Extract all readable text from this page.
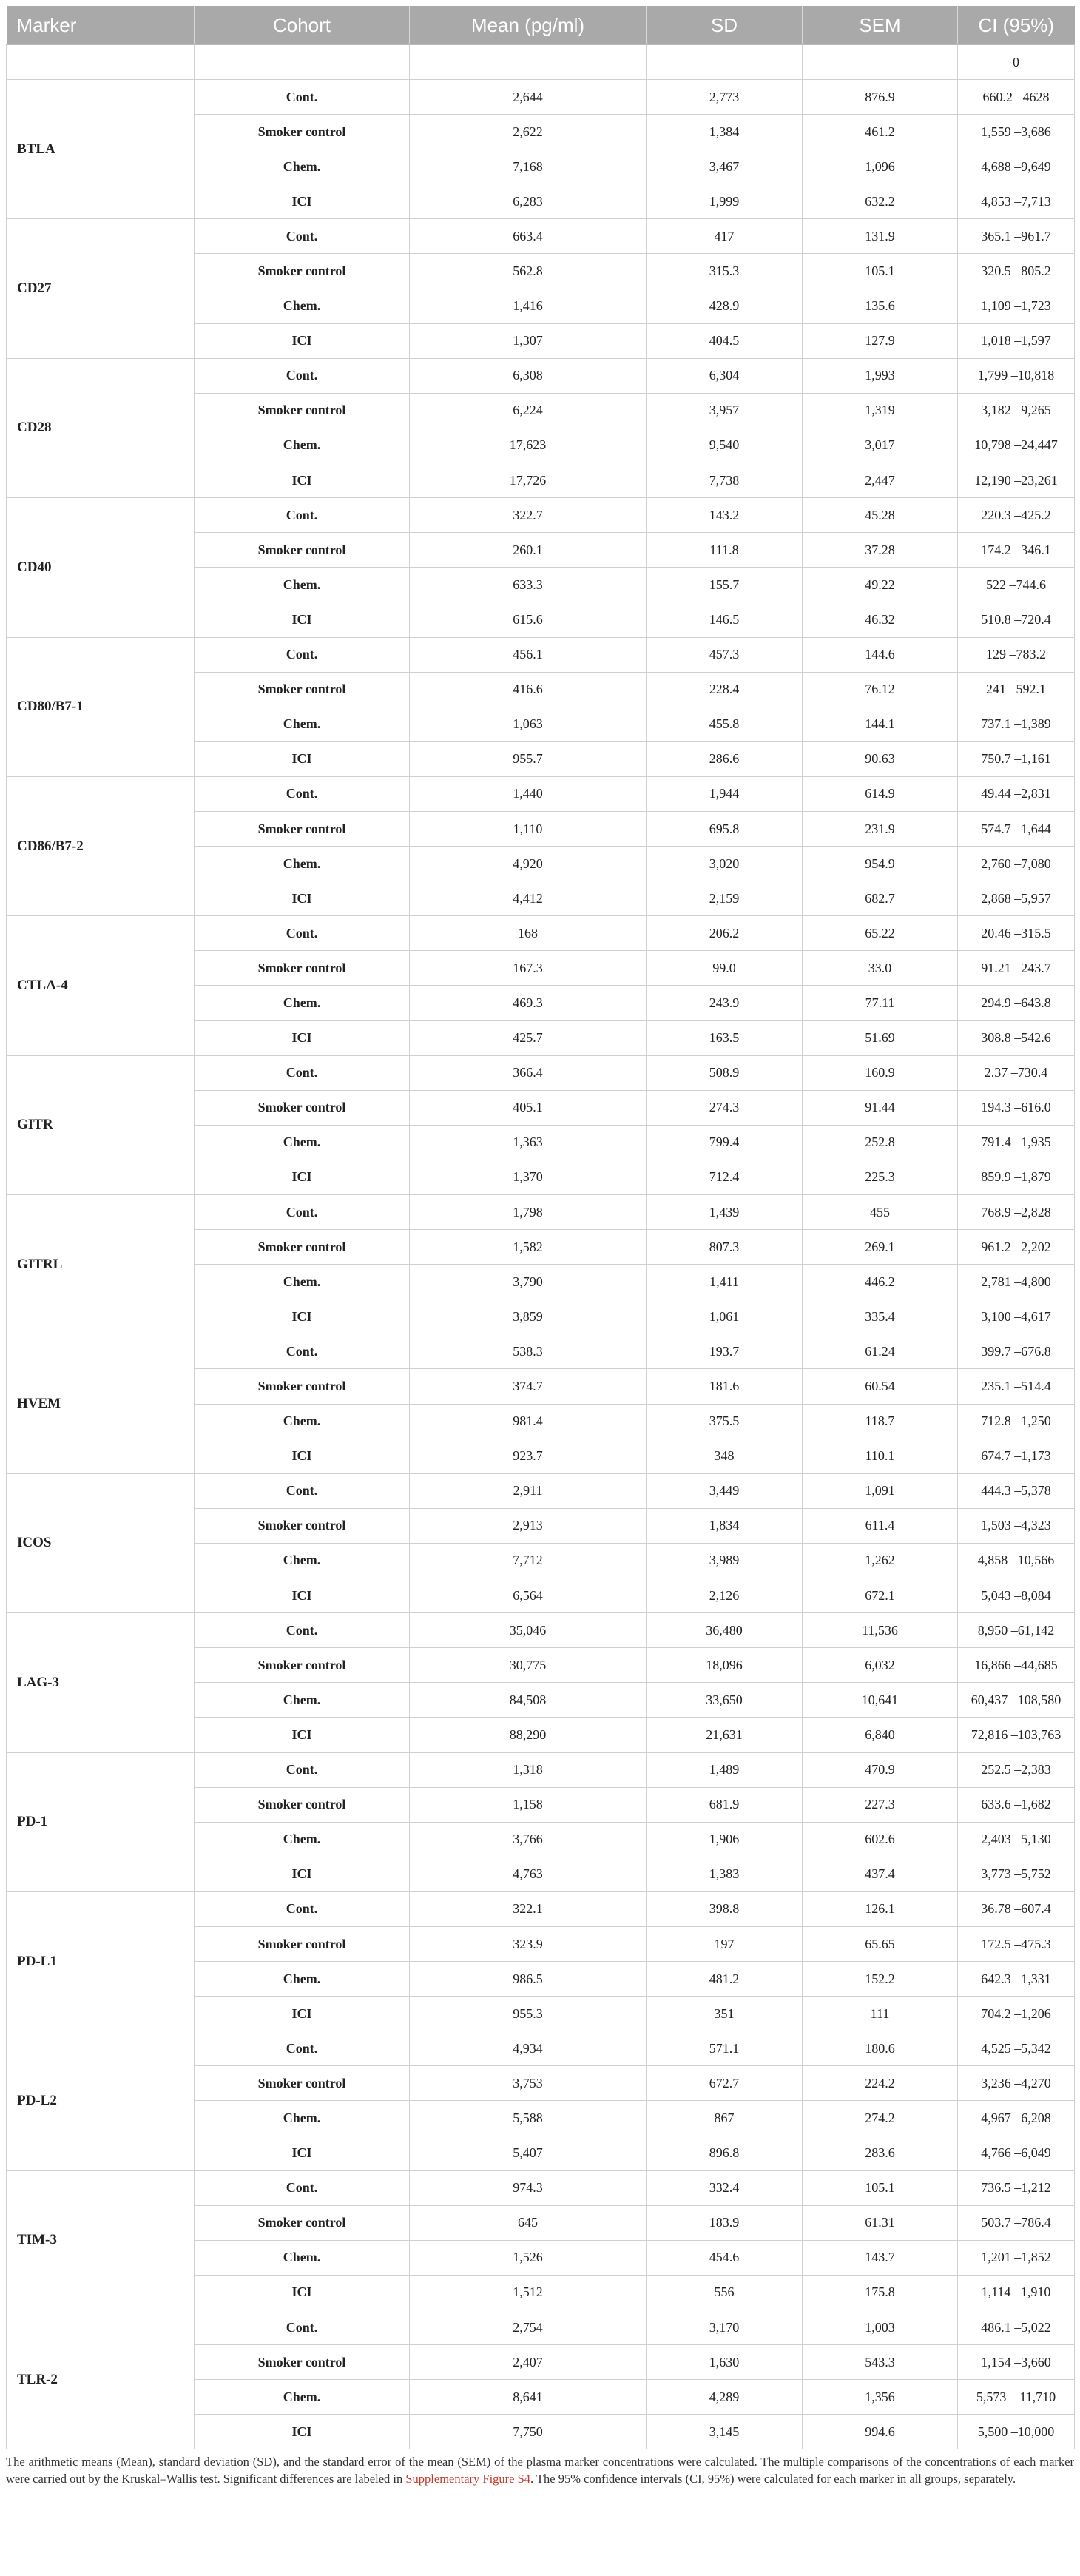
Marker	Cohort	Mean (pg/ml)	SD	SEM	CI (95%)
					0
BTLA	Cont.	2,644	2,773	876.9	660.2 –4628
	Smoker control	2,622	1,384	461.2	1,559 –3,686
	Chem.	7,168	3,467	1,096	4,688 –9,649
	ICI	6,283	1,999	632.2	4,853 –7,713
CD27	Cont.	663.4	417	131.9	365.1 –961.7
	Smoker control	562.8	315.3	105.1	320.5 –805.2
	Chem.	1,416	428.9	135.6	1,109 –1,723
	ICI	1,307	404.5	127.9	1,018 –1,597
CD28	Cont.	6,308	6,304	1,993	1,799 –10,818
	Smoker control	6,224	3,957	1,319	3,182 –9,265
	Chem.	17,623	9,540	3,017	10,798 –24,447
	ICI	17,726	7,738	2,447	12,190 –23,261
CD40	Cont.	322.7	143.2	45.28	220.3 –425.2
	Smoker control	260.1	111.8	37.28	174.2 –346.1
	Chem.	633.3	155.7	49.22	522 –744.6
	ICI	615.6	146.5	46.32	510.8 –720.4
CD80/B7-1	Cont.	456.1	457.3	144.6	129 –783.2
	Smoker control	416.6	228.4	76.12	241 –592.1
	Chem.	1,063	455.8	144.1	737.1 –1,389
	ICI	955.7	286.6	90.63	750.7 –1,161
CD86/B7-2	Cont.	1,440	1,944	614.9	49.44 –2,831
	Smoker control	1,110	695.8	231.9	574.7 –1,644
	Chem.	4,920	3,020	954.9	2,760 –7,080
	ICI	4,412	2,159	682.7	2,868 –5,957
CTLA-4	Cont.	168	206.2	65.22	20.46 –315.5
	Smoker control	167.3	99.0	33.0	91.21 –243.7
	Chem.	469.3	243.9	77.11	294.9 –643.8
	ICI	425.7	163.5	51.69	308.8 –542.6
GITR	Cont.	366.4	508.9	160.9	2.37 –730.4
	Smoker control	405.1	274.3	91.44	194.3 –616.0
	Chem.	1,363	799.4	252.8	791.4 –1,935
	ICI	1,370	712.4	225.3	859.9 –1,879
GITRL	Cont.	1,798	1,439	455	768.9 –2,828
	Smoker control	1,582	807.3	269.1	961.2 –2,202
	Chem.	3,790	1,411	446.2	2,781 –4,800
	ICI	3,859	1,061	335.4	3,100 –4,617
HVEM	Cont.	538.3	193.7	61.24	399.7 –676.8
	Smoker control	374.7	181.6	60.54	235.1 –514.4
	Chem.	981.4	375.5	118.7	712.8 –1,250
	ICI	923.7	348	110.1	674.7 –1,173
ICOS	Cont.	2,911	3,449	1,091	444.3 –5,378
	Smoker control	2,913	1,834	611.4	1,503 –4,323
	Chem.	7,712	3,989	1,262	4,858 –10,566
	ICI	6,564	2,126	672.1	5,043 –8,084
LAG-3	Cont.	35,046	36,480	11,536	8,950 –61,142
	Smoker control	30,775	18,096	6,032	16,866 –44,685
	Chem.	84,508	33,650	10,641	60,437 –108,580
	ICI	88,290	21,631	6,840	72,816 –103,763
PD-1	Cont.	1,318	1,489	470.9	252.5 –2,383
	Smoker control	1,158	681.9	227.3	633.6 –1,682
	Chem.	3,766	1,906	602.6	2,403 –5,130
	ICI	4,763	1,383	437.4	3,773 –5,752
PD-L1	Cont.	322.1	398.8	126.1	36.78 –607.4
	Smoker control	323.9	197	65.65	172.5 –475.3
	Chem.	986.5	481.2	152.2	642.3 –1,331
	ICI	955.3	351	111	704.2 –1,206
PD-L2	Cont.	4,934	571.1	180.6	4,525 –5,342
	Smoker control	3,753	672.7	224.2	3,236 –4,270
	Chem.	5,588	867	274.2	4,967 –6,208
	ICI	5,407	896.8	283.6	4,766 –6,049
TIM-3	Cont.	974.3	332.4	105.1	736.5 –1,212
	Smoker control	645	183.9	61.31	503.7 –786.4
	Chem.	1,526	454.6	143.7	1,201 –1,852
	ICI	1,512	556	175.8	1,114 –1,910
TLR-2	Cont.	2,754	3,170	1,003	486.1 –5,022
	Smoker control	2,407	1,630	543.3	1,154 –3,660
	Chem.	8,641	4,289	1,356	5,573 – 11,710
	ICI	7,750	3,145	994.6	5,500 –10,000
The arithmetic means (Mean), standard deviation (SD), and the standard error of the mean (SEM) of the plasma marker concentrations were calculated. The multiple comparisons of the concentrations of each marker were carried out by the Kruskal–Wallis test. Significant differences are labeled in Supplementary Figure S4. The 95% confidence intervals (CI, 95%) were calculated for each marker in all groups, separately.
